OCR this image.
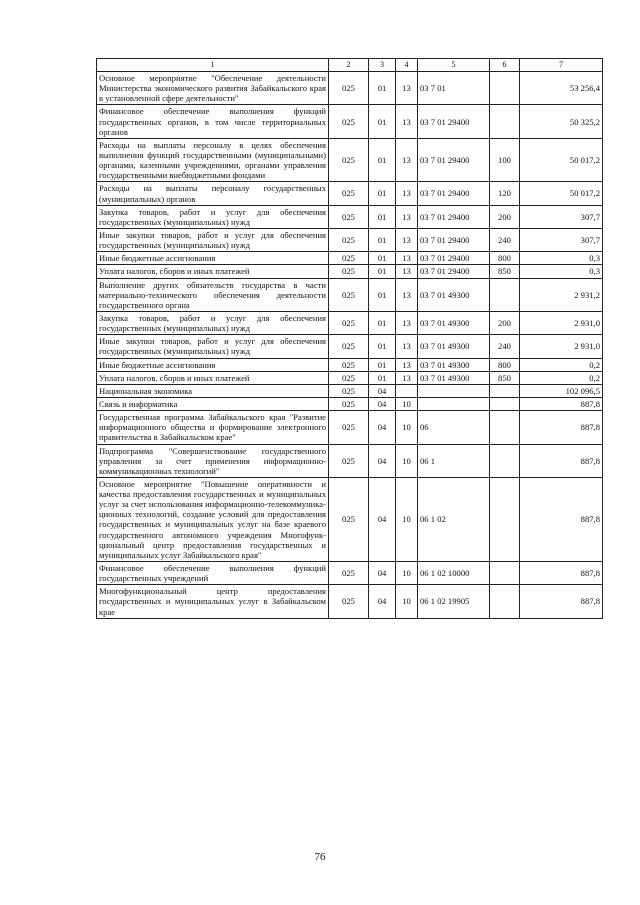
1	2	3	4	5	6	7
Основное мероприятие "Обеспечение деятельности Министерства экономического развития Забайкальского края в установленной сфере деятельности"	025	01	13	03 7 01		53 256,4
Финансовое обеспечение выполнения функций государственных органов, в том числе территориальных органов	025	01	13	03 7 01 29400		50 325,2
Расходы на выплаты персоналу в целях обеспечения выполнения функций государственными (муниципальными) органами, казенными учреждениями, органами управления государственными внебюджетными фондами	025	01	13	03 7 01 29400	100	50 017,2
Расходы на выплаты персоналу государственных (муниципальных) органов	025	01	13	03 7 01 29400	120	50 017,2
Закупка товаров, работ и услуг для обеспечения государственных (муниципальных) нужд	025	01	13	03 7 01 29400	200	307,7
Иные закупки товаров, работ и услуг для обеспечения государственных (муниципальных) нужд	025	01	13	03 7 01 29400	240	307,7
Иные бюджетные ассигнования	025	01	13	03 7 01 29400	800	0,3
Уплата налогов, сборов и иных платежей	025	01	13	03 7 01 29400	850	0,3
Выполнение других обязательств государства в части материально-технического обеспечения деятельности государственного органа	025	01	13	03 7 01 49300		2 931,2
Закупка товаров, работ и услуг для обеспечения государственных (муниципальных) нужд	025	01	13	03 7 01 49300	200	2 931,0
Иные закупки товаров, работ и услуг для обеспечения государственных (муниципальных) нужд	025	01	13	03 7 01 49300	240	2 931,0
Иные бюджетные ассигнования	025	01	13	03 7 01 49300	800	0,2
Уплата налогов. сборов и иных платежей	025	01	13	03 7 01 49300	850	0,2
Национальная экономика	025	04				102 096,5
Связь и информатика	025	04	10			887,8
Государственная программа Забайкальского края "Развитие информационного общества и формирование электронного правительства в Забайкальском крае"	025	04	10	06		887,8
Подпрограмма "Совершенствование государственного управления за счет применения информационно-коммуникационных технологий"	025	04	10	06 1		887,8
Основное мероприятие "Повышение оперативности и качества предоставления государственных и муниципальных услуг за счет использования информационно-телекоммуникационных технологий, создание условий для предоставления государственных и муниципальных услуг на базе краевого государственного автономного учреждения Многофункциональный центр предоставления государственных и муниципальных услуг Забайкальского края"	025	04	10	06 1 02		887,8
Финансовое обеспечение выполнения функций государственных учреждений	025	04	10	06 1 02 10000		887,8
Многофункциональный центр предоставления государственных и муниципальных услуг в Забайкальском крае	025	04	10	06 1 02 19905		887,8
76
